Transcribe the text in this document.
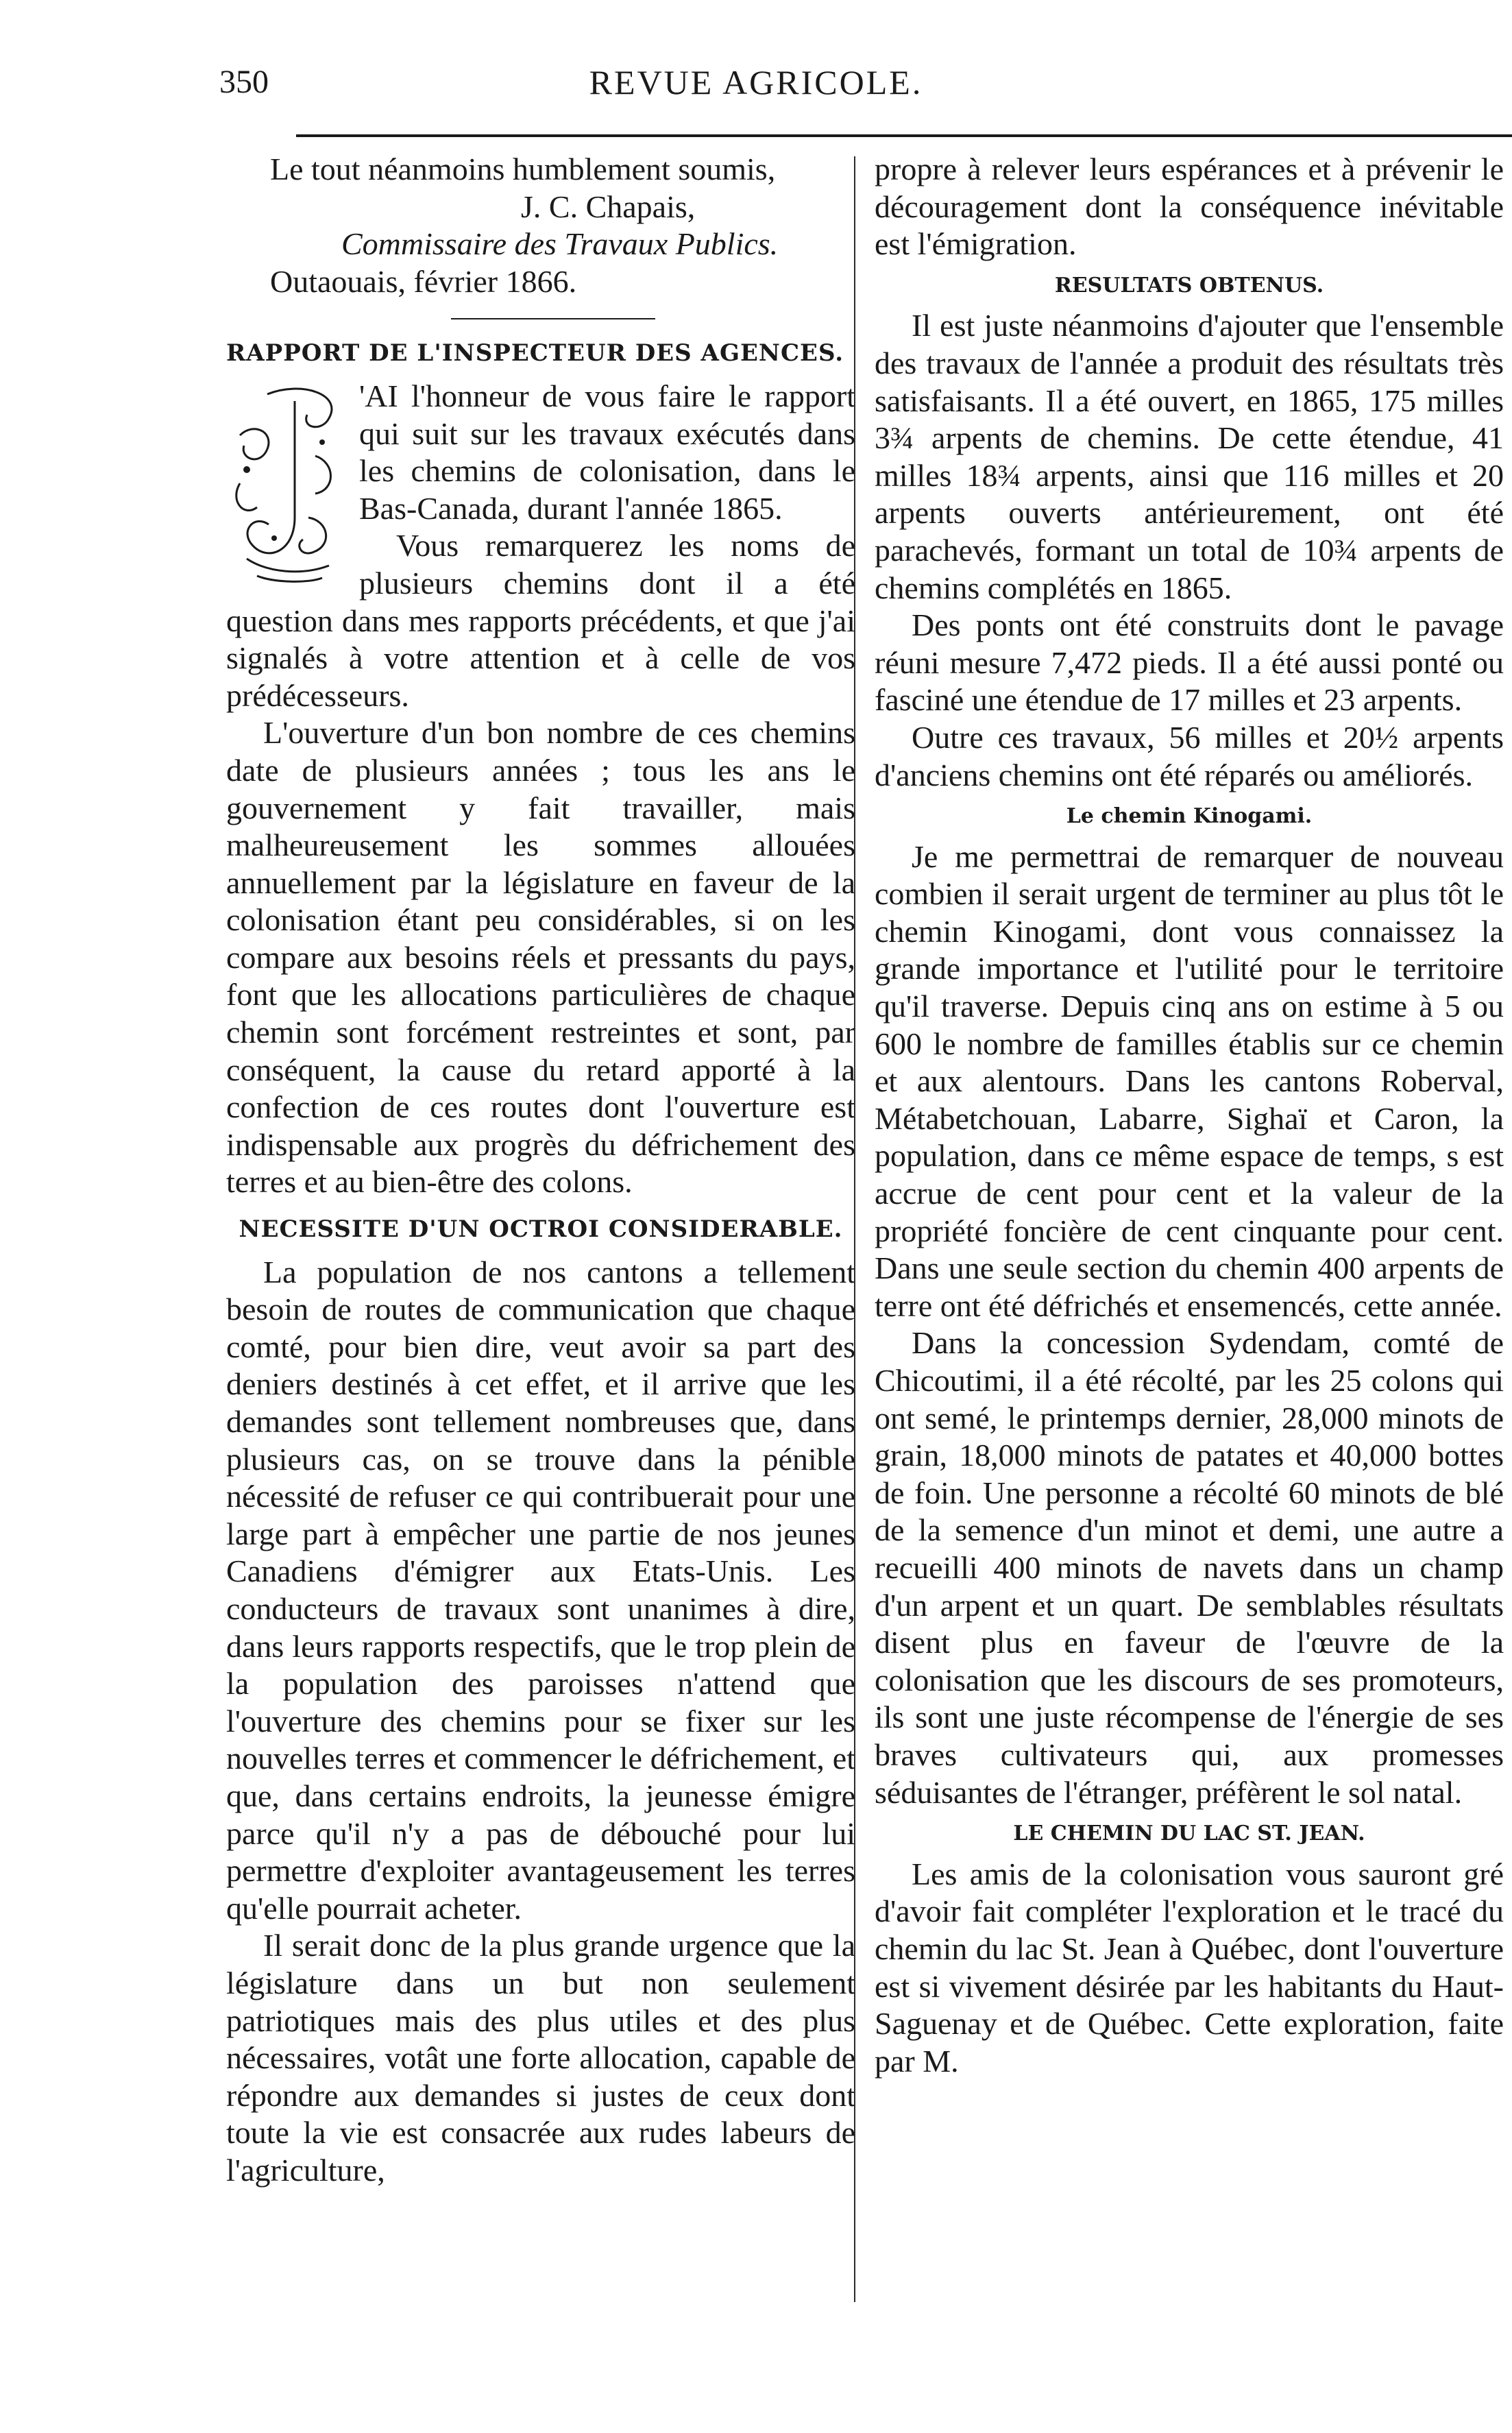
350	REVUE AGRICOLE.
Le tout néanmoins humblement soumis,
J. C. Chapais,
Commissaire des Travaux Publics.
Outaouais, février 1866.
RAPPORT DE L'INSPECTEUR DES AGENCES.

'AI l'honneur de vous faire le rapport qui suit sur les travaux exécutés dans les chemins de colonisation, dans le Bas-Canada, durant l'année 1865.

Vous remarquerez les noms de plusieurs chemins dont il a été question dans mes rapports précédents, et que j'ai signalés à votre attention et à celle de vos prédécesseurs.

L'ouverture d'un bon nombre de ces chemins date de plusieurs années ; tous les ans le gouvernement y fait travailler, mais malheureusement les sommes allouées annuellement par la législature en faveur de la colonisation étant peu considérables, si on les compare aux besoins réels et pressants du pays, font que les allocations particulières de chaque chemin sont forcément restreintes et sont, par conséquent, la cause du retard apporté à la confection de ces routes dont l'ouverture est indispensable aux progrès du défrichement des terres et au bien-être des colons.

NECESSITE D'UN OCTROI CONSIDERABLE.

La population de nos cantons a tellement besoin de routes de communication que chaque comté, pour bien dire, veut avoir sa part des deniers destinés à cet effet, et il arrive que les demandes sont tellement nombreuses que, dans plusieurs cas, on se trouve dans la pénible nécessité de refuser ce qui contribuerait pour une large part à empêcher une partie de nos jeunes Canadiens d'émigrer aux Etats-Unis. Les conducteurs de travaux sont unanimes à dire, dans leurs rapports respectifs, que le trop plein de la population des paroisses n'attend que l'ouverture des chemins pour se fixer sur les nouvelles terres et commencer le défrichement, et que, dans certains endroits, la jeunesse émigre parce qu'il n'y a pas de débouché pour lui permettre d'exploiter avantageusement les terres qu'elle pourrait acheter.

Il serait donc de la plus grande urgence que la législature dans un but non seulement patriotiques mais des plus utiles et des plus nécessaires, votât une forte allocation, capable de répondre aux demandes si justes de ceux dont toute la vie est consacrée aux rudes labeurs de l'agriculture,

propre à relever leurs espérances et à prévenir le découragement dont la conséquence inévitable est l'émigration.

RESULTATS OBTENUS.

Il est juste néanmoins d'ajouter que l'ensemble des travaux de l'année a produit des résultats très satisfaisants. Il a été ouvert, en 1865, 175 milles 3¾ arpents de chemins. De cette étendue, 41 milles 18¾ arpents, ainsi que 116 milles et 20 arpents ouverts antérieurement, ont été parachevés, formant un total de 10¾ arpents de chemins complétés en 1865.

Des ponts ont été construits dont le pavage réuni mesure 7,472 pieds. Il a été aussi ponté ou fasciné une étendue de 17 milles et 23 arpents.

Outre ces travaux, 56 milles et 20½ arpents d'anciens chemins ont été réparés ou améliorés.

Le chemin Kinogami.

Je me permettrai de remarquer de nouveau combien il serait urgent de terminer au plus tôt le chemin Kinogami, dont vous connaissez la grande importance et l'utilité pour le territoire qu'il traverse. Depuis cinq ans on estime à 5 ou 600 le nombre de familles établis sur ce chemin et aux alentours. Dans les cantons Roberval, Métabetchouan, Labarre, Sighaï et Caron, la population, dans ce même espace de temps, s est accrue de cent pour cent et la valeur de la propriété foncière de cent cinquante pour cent. Dans une seule section du chemin 400 arpents de terre ont été défrichés et ensemencés, cette année.

Dans la concession Sydendam, comté de Chicoutimi, il a été récolté, par les 25 colons qui ont semé, le printemps dernier, 28,000 minots de grain, 18,000 minots de patates et 40,000 bottes de foin. Une personne a récolté 60 minots de blé de la semence d'un minot et demi, une autre a recueilli 400 minots de navets dans un champ d'un arpent et un quart. De semblables résultats disent plus en faveur de l'œuvre de la colonisation que les discours de ses promoteurs, ils sont une juste récompense de l'énergie de ses braves cultivateurs qui, aux promesses séduisantes de l'étranger, préfèrent le sol natal.

LE CHEMIN DU LAC ST. JEAN.

Les amis de la colonisation vous sauront gré d'avoir fait compléter l'exploration et le tracé du chemin du lac St. Jean à Québec, dont l'ouverture est si vivement désirée par les habitants du Haut-Saguenay et de Québec. Cette exploration, faite par M.
